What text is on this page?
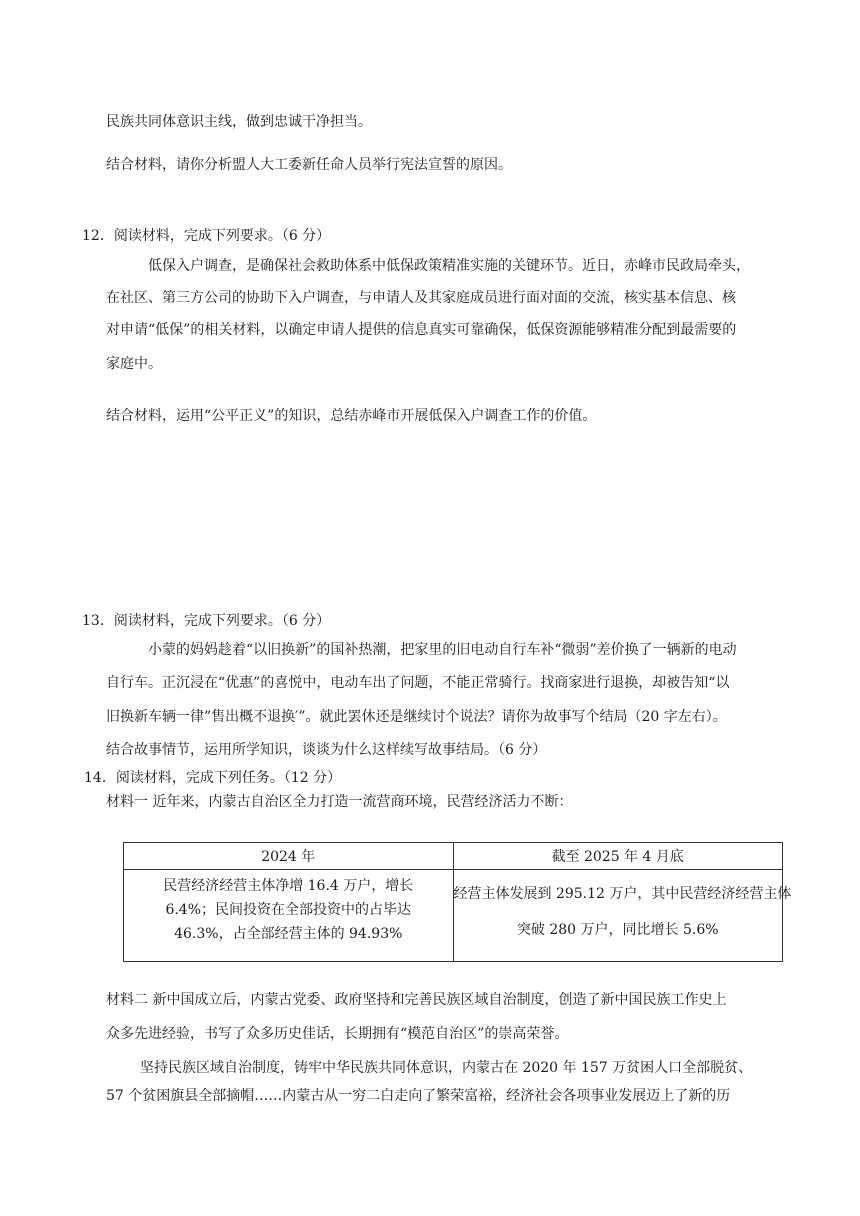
民族共同体意识主线，做到忠诚干净担当。
结合材料，请你分析盟人大工委新任命人员举行宪法宣誓的原因。
12．阅读材料，完成下列要求。（6 分）
低保入户调查，是确保社会救助体系中低保政策精准实施的关键环节。近日，赤峰市民政局牵头，
在社区、第三方公司的协助下入户调查，与申请人及其家庭成员进行面对面的交流，核实基本信息、核
对申请“低保”的相关材料，以确定申请人提供的信息真实可靠确保，低保资源能够精准分配到最需要的
家庭中。
结合材料，运用“公平正义”的知识，总结赤峰市开展低保入户调查工作的价值。
13．阅读材料，完成下列要求。（6 分）
小蒙的妈妈趁着“以旧换新”的国补热潮，把家里的旧电动自行车补“微弱”差价换了一辆新的电动
自行车。正沉浸在“优惠”的喜悦中，电动车出了问题，不能正常骑行。找商家进行退换，却被告知“以
旧换新车辆一律”售出概不退换′”。就此罢休还是继续讨个说法？请你为故事写个结局（20 字左右）。
结合故事情节，运用所学知识，谈谈为什么这样续写故事结局。（6 分）
14．阅读材料，完成下列任务。（12 分）
材料一 近年来，内蒙古自治区全力打造一流营商环境，民营经济活力不断：
2024 年	截至 2025 年 4 月底

民营经济经营主体净增 16.4 万户，增长
6.4%；民间投资在全部投资中的占毕达
46.3%，占全部经营主体的 94.93%	经营主体发展到 295.12 万户，其中民营经济经营主体
突破 280 万户，同比增长 5.6%
材料二 新中国成立后，内蒙古党委、政府坚持和完善民族区域自治制度，创造了新中国民族工作史上
众多先进经验，书写了众多历史佳话，长期拥有“模范自治区”的崇高荣誉。
坚持民族区域自治制度，铸牢中华民族共同体意识，内蒙古在 2020 年 157 万贫困人口全部脱贫、
57 个贫困旗县全部摘帽……内蒙古从一穷二白走向了繁荣富裕，经济社会各项事业发展迈上了新的历
